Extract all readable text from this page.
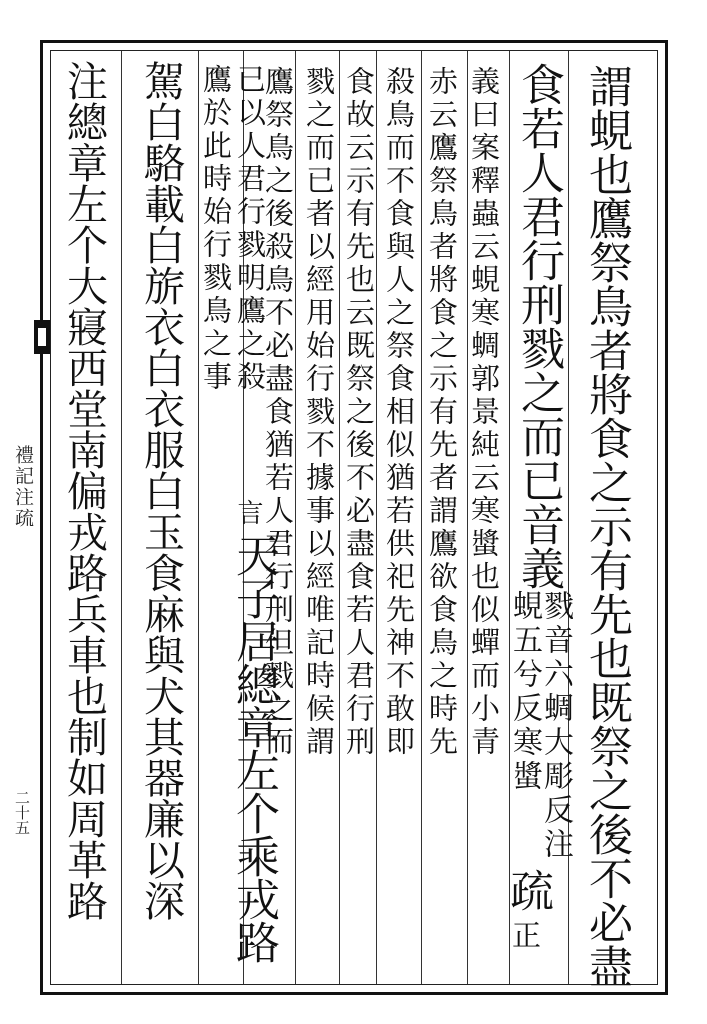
謂蜆也鷹祭鳥者將食之示有先也既祭之後不必盡
食若人君行刑戮之而已音義
戮音六蜩大彫反注
蜆五兮反寒螿
疏
正
義曰案釋蟲云蜆寒蜩郭景純云寒螿也似蟬而小青
赤云鷹祭鳥者將食之示有先者謂鷹欲食鳥之時先
殺鳥而不食與人之祭食相似猶若供祀先神不敢即
食故云示有先也云既祭之後不必盡食若人君行刑
戮之而已者以經用始行戮不據事以經唯記時候謂
鷹祭鳥之後殺鳥不必盡食猶若人君行刑但戮之而
已以人君行戮明鷹之殺
言
鷹於此時始行戮鳥之事
天子居總章左个乘戎路
駕白駱載白旂衣白衣服白玉食麻與犬其器廉以深
注總章左个大寢西堂南偏戎路兵車也制如周革路
禮記注疏
二十五
